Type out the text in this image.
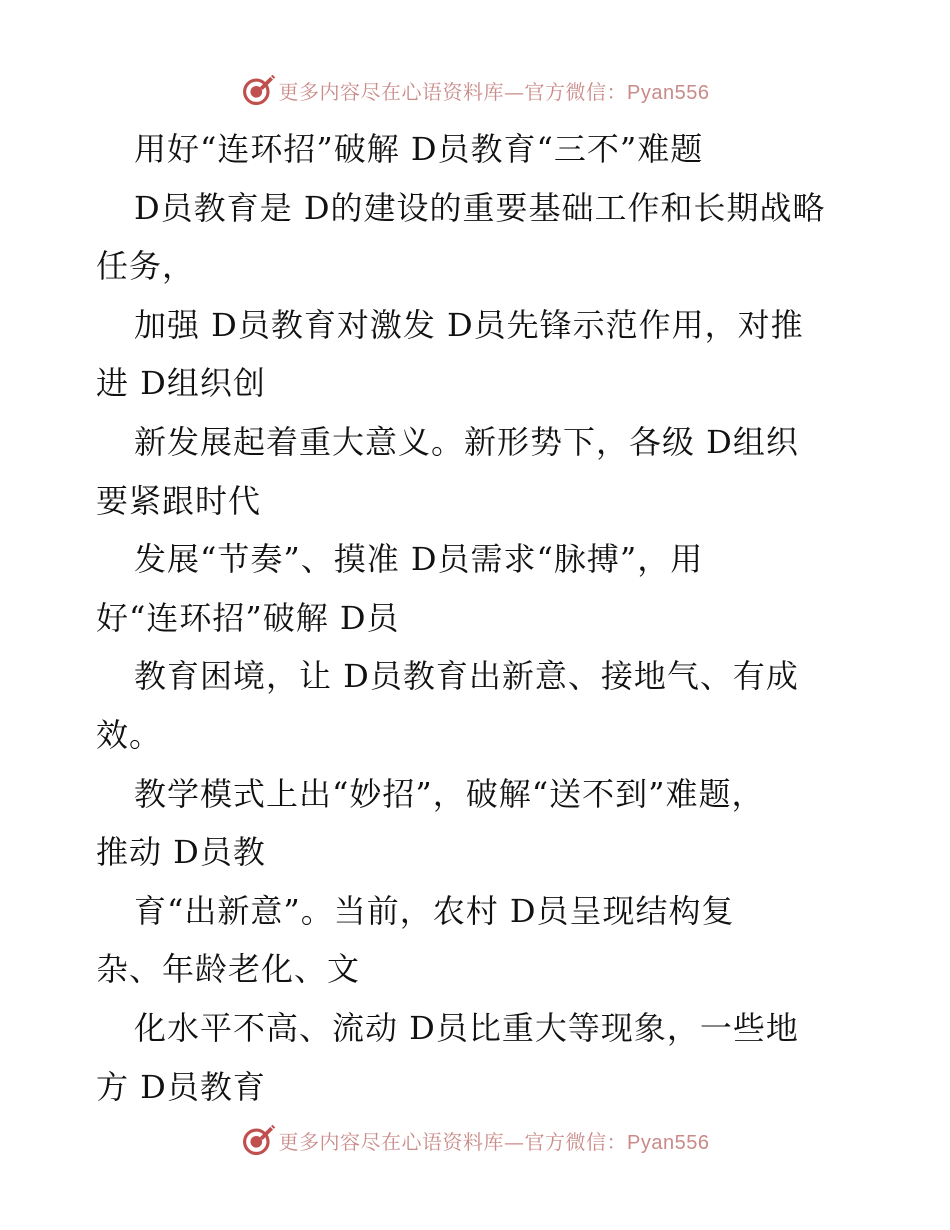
更多内容尽在心语资料库—官方微信：Pyan556
用好“连环招”破解 D员教育“三不”难题
D员教育是 D的建设的重要基础工作和长期战略
任务，
加强 D员教育对激发 D员先锋示范作用，对推
进 D组织创
新发展起着重大意义。新形势下，各级 D组织
要紧跟时代
发展“节奏”、摸准 D员需求“脉搏”，用
好“连环招”破解 D员
教育困境，让 D员教育出新意、接地气、有成
效。
教学模式上出“妙招”，破解“送不到”难题，
推动 D员教
育“出新意”。当前，农村 D员呈现结构复
杂、年龄老化、文
化水平不高、流动 D员比重大等现象，一些地
方 D员教育
更多内容尽在心语资料库—官方微信：Pyan556
